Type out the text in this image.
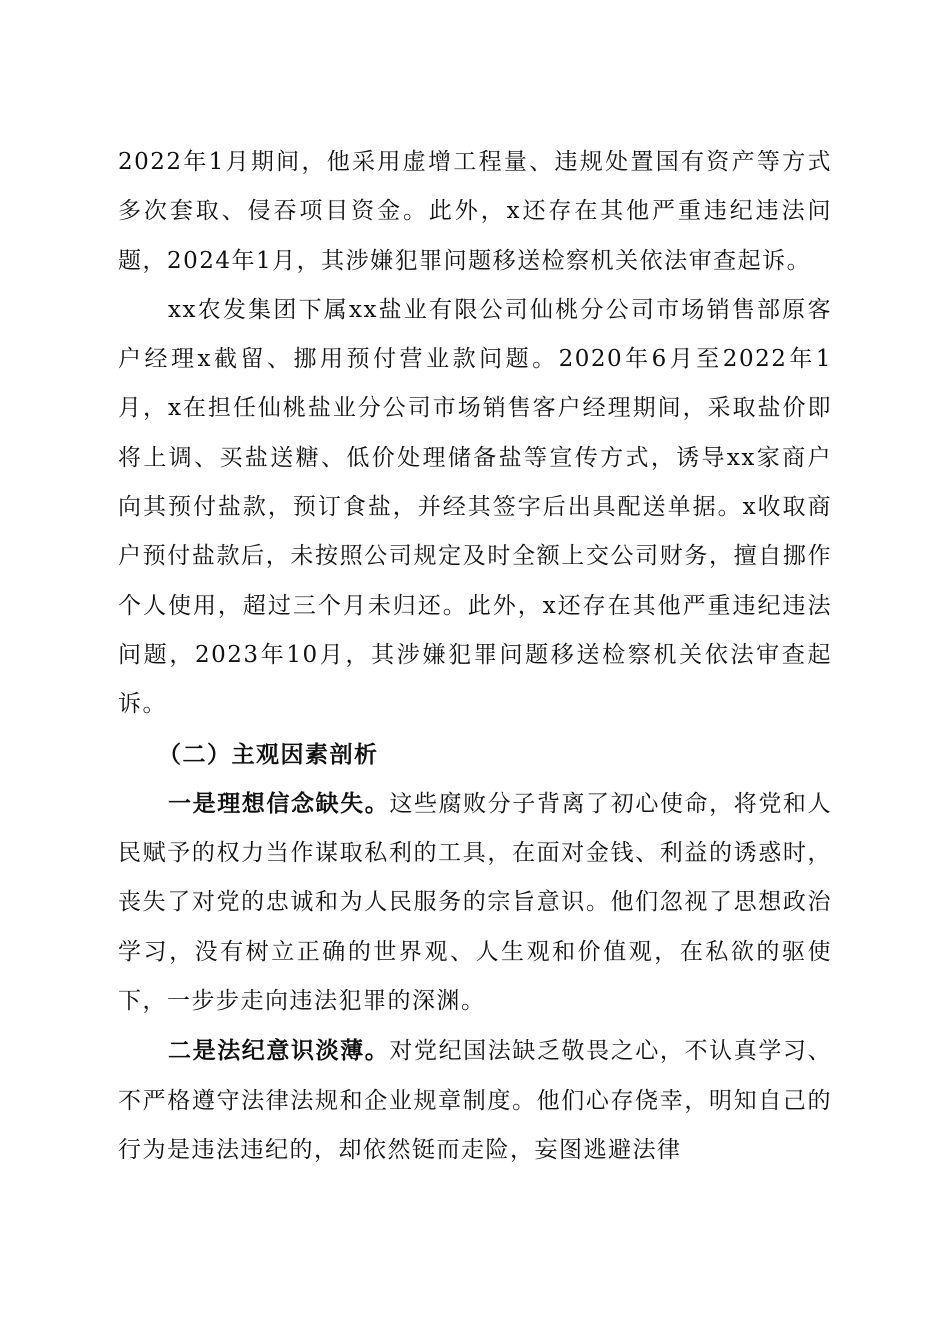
2022年1月期间，他采用虚增工程量、违规处置国有资产等方式多次套取、侵吞项目资金。此外，x还存在其他严重违纪违法问题，2024年1月，其涉嫌犯罪问题移送检察机关依法审查起诉。

xx农发集团下属xx盐业有限公司仙桃分公司市场销售部原客户经理x截留、挪用预付营业款问题。2020年6月至2022年1月，x在担任仙桃盐业分公司市场销售客户经理期间，采取盐价即将上调、买盐送糖、低价处理储备盐等宣传方式，诱导xx家商户向其预付盐款，预订食盐，并经其签字后出具配送单据。x收取商户预付盐款后，未按照公司规定及时全额上交公司财务，擅自挪作个人使用，超过三个月未归还。此外，x还存在其他严重违纪违法问题，2023年10月，其涉嫌犯罪问题移送检察机关依法审查起诉。

（二）主观因素剖析

一是理想信念缺失。这些腐败分子背离了初心使命，将党和人民赋予的权力当作谋取私利的工具，在面对金钱、利益的诱惑时，丧失了对党的忠诚和为人民服务的宗旨意识。他们忽视了思想政治学习，没有树立正确的世界观、人生观和价值观，在私欲的驱使下，一步步走向违法犯罪的深渊。

二是法纪意识淡薄。对党纪国法缺乏敬畏之心，不认真学习、不严格遵守法律法规和企业规章制度。他们心存侥幸，明知自己的行为是违法违纪的，却依然铤而走险，妄图逃避法律
